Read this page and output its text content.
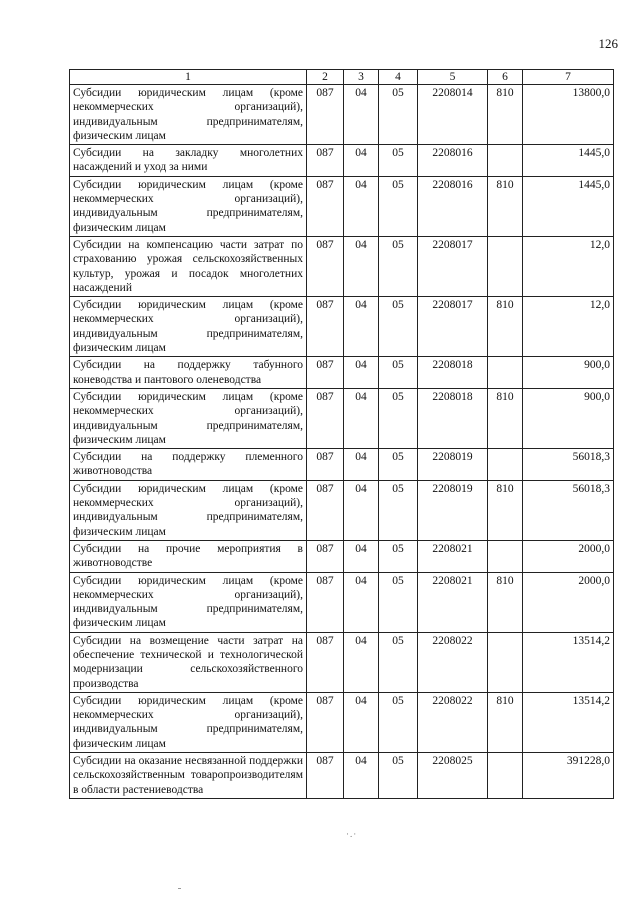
126
1	2	3	4	5	6	7
Субсидии юридическим лицам (кроме некоммерческих организаций), индивидуальным предпринимателям, физическим лицам	087	04	05	2208014	810	13800,0
Субсидии на закладку многолетних насаждений и уход за ними	087	04	05	2208016		1445,0
Субсидии юридическим лицам (кроме некоммерческих организаций), индивидуальным предпринимателям, физическим лицам	087	04	05	2208016	810	1445,0
Субсидии на компенсацию части затрат по страхованию урожая сельскохозяйственных культур, урожая и посадок многолетних насаждений	087	04	05	2208017		12,0
Субсидии юридическим лицам (кроме некоммерческих организаций), индивидуальным предпринимателям, физическим лицам	087	04	05	2208017	810	12,0
Субсидии на поддержку табунного коневодства и пантового оленеводства	087	04	05	2208018		900,0
Субсидии юридическим лицам (кроме некоммерческих организаций), индивидуальным предпринимателям, физическим лицам	087	04	05	2208018	810	900,0
Субсидии на поддержку племенного животноводства	087	04	05	2208019		56018,3
Субсидии юридическим лицам (кроме некоммерческих организаций), индивидуальным предпринимателям, физическим лицам	087	04	05	2208019	810	56018,3
Субсидии на прочие мероприятия в животноводстве	087	04	05	2208021		2000,0
Субсидии юридическим лицам (кроме некоммерческих организаций), индивидуальным предпринимателям, физическим лицам	087	04	05	2208021	810	2000,0
Субсидии на возмещение части затрат на обеспечение технической и технологической модернизации сельскохозяйственного производства	087	04	05	2208022		13514,2
Субсидии юридическим лицам (кроме некоммерческих организаций), индивидуальным предпринимателям, физическим лицам	087	04	05	2208022	810	13514,2
Субсидии на оказание несвязанной поддержки сельскохозяйственным товаропроизводителям в области растениеводства	087	04	05	2208025		391228,0
·.·
